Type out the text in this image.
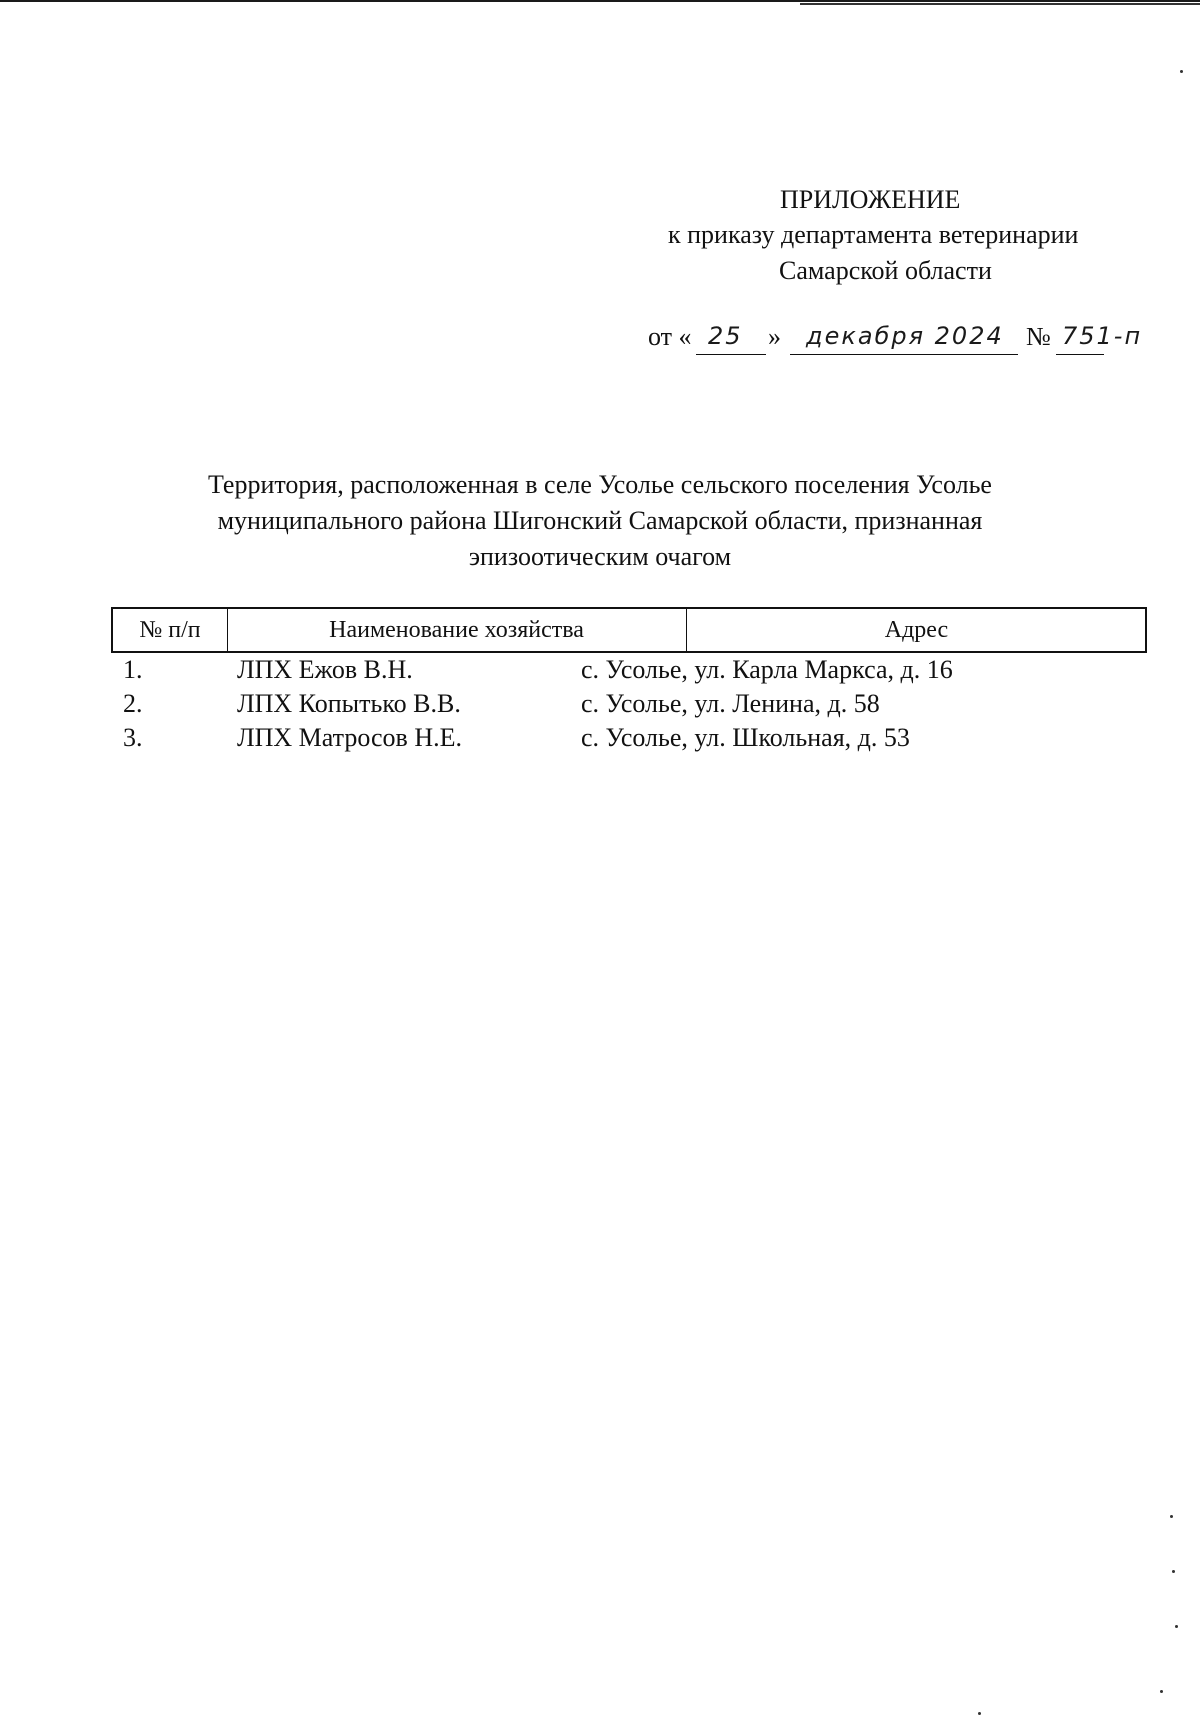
ПРИЛОЖЕНИЕ
к приказу департамента ветеринарии
Самарской области
от « 25 » декабря 2024 № 751-п
Территория, расположенная в селе Усолье сельского поселения Усолье
муниципального района Шигонский Самарской области, признанная
эпизоотическим очагом
№ п/п	Наименование хозяйства	Адрес
1.	ЛПХ Ежов В.Н.	с. Усолье, ул. Карла Маркса, д. 16
2.	ЛПХ Копытько В.В.	с. Усолье, ул. Ленина, д. 58
3.	ЛПХ Матросов Н.Е.	с. Усолье, ул. Школьная, д. 53
